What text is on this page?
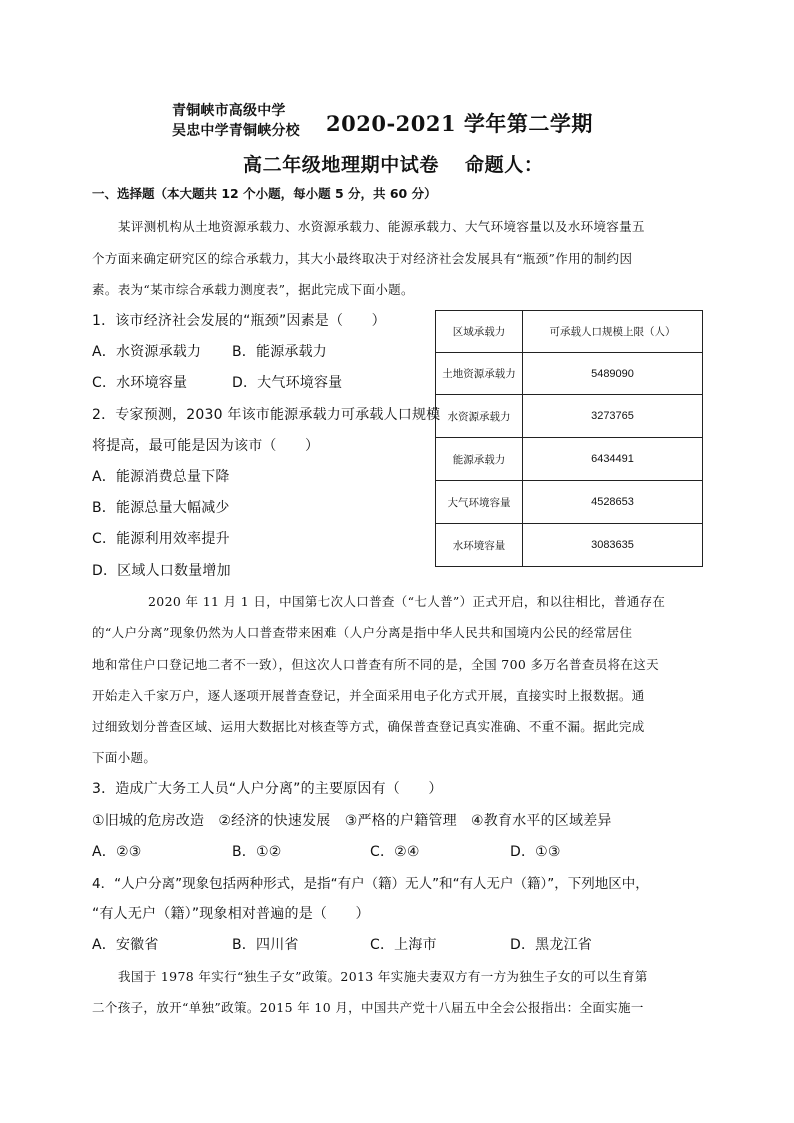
青铜峡市高级中学
吴忠中学青铜峡分校 2020-2021 学年第二学期
高二年级地理期中试卷 命题人：
一、选择题（本大题共 12 个小题，每小题 5 分，共 60 分）
某评测机构从土地资源承载力、水资源承载力、能源承载力、大气环境容量以及水环境容量五
个方面来确定研究区的综合承载力，其大小最终取决于对经济社会发展具有“瓶颈”作用的制约因
素。表为“某市综合承载力测度表”，据此完成下面小题。
1．该市经济社会发展的“瓶颈”因素是（　　）
A．水资源承载力 B．能源承载力
C．水环境容量	D．大气环境容量
2．专家预测，2030 年该市能源承载力可承载人口规模
将提高，最可能是因为该市（　　）
A．能源消费总量下降
B．能源总量大幅减少
C．能源利用效率提升
D．区域人口数量增加
区域承载力	可承载人口规模上限（人）
土地资源承载力	5489090
水资源承载力	3273765
能源承载力	6434491
大气环境容量	4528653
水环境容量	3083635
2020 年 11 月 1 日，中国第七次人口普查（“七人普”）正式开启，和以往相比，普通存在
的“人户分离”现象仍然为人口普查带来困难（人户分离是指中华人民共和国境内公民的经常居住
地和常住户口登记地二者不一致），但这次人口普查有所不同的是，全国 700 多万名普查员将在这天
开始走入千家万户，逐人逐项开展普查登记，并全面采用电子化方式开展，直接实时上报数据。通
过细致划分普查区域、运用大数据比对核查等方式，确保普查登记真实准确、不重不漏。据此完成
下面小题。
3．造成广大务工人员“人户分离”的主要原因有（　　）
①旧城的危房改造　②经济的快速发展　③严格的户籍管理　④教育水平的区域差异
A．②③	B．①②	C．②④	D．①③
4．“人户分离”现象包括两种形式，是指“有户（籍）无人”和“有人无户（籍）”，下列地区中，
“有人无户（籍）”现象相对普遍的是（　　）
A．安徽省	B．四川省	C．上海市	D．黑龙江省
我国于 1978 年实行“独生子女”政策。2013 年实施夫妻双方有一方为独生子女的可以生育第
二个孩子，放开“单独”政策。2015 年 10 月，中国共产党十八届五中全会公报指出：全面实施一
